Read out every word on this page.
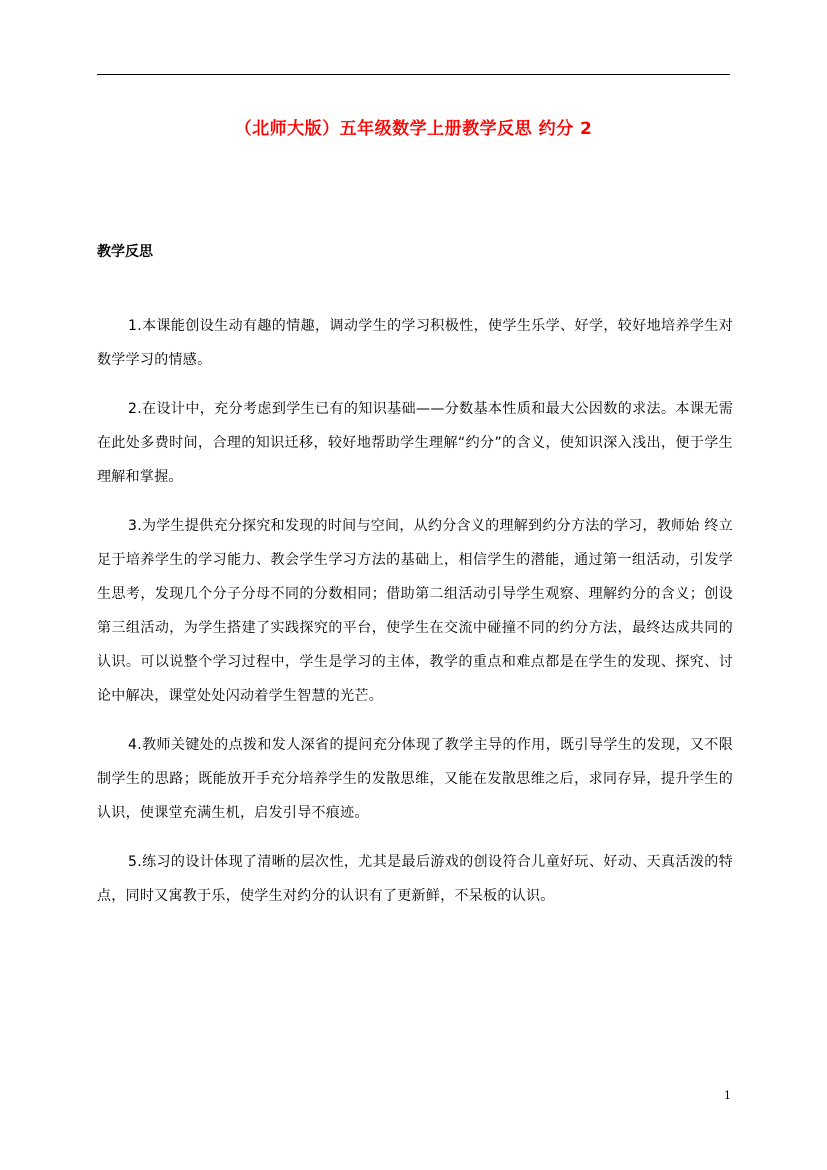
（北师大版）五年级数学上册教学反思 约分 2
教学反思

1.本课能创设生动有趣的情趣，调动学生的学习积极性，使学生乐学、好学，较好地培养学生对数学学习的情感。

2.在设计中，充分考虑到学生已有的知识基础——分数基本性质和最大公因数的求法。本课无需在此处多费时间，合理的知识迁移，较好地帮助学生理解“约分”的含义，使知识深入浅出，便于学生理解和掌握。

3.为学生提供充分探究和发现的时间与空间，从约分含义的理解到约分方法的学习，教师始 终立足于培养学生的学习能力、教会学生学习方法的基础上，相信学生的潜能，通过第一组活动，引发学生思考，发现几个分子分母不同的分数相同；借助第二组活动引导学生观察、理解约分的含义；创设第三组活动，为学生搭建了实践探究的平台，使学生在交流中碰撞不同的约分方法，最终达成共同的认识。可以说整个学习过程中，学生是学习的主体，教学的重点和难点都是在学生的发现、探究、讨论中解决，课堂处处闪动着学生智慧的光芒。

4.教师关键处的点拨和发人深省的提问充分体现了教学主导的作用，既引导学生的发现，又不限制学生的思路；既能放开手充分培养学生的发散思维，又能在发散思维之后，求同存异，提升学生的认识，使课堂充满生机，启发引导不痕迹。

5.练习的设计体现了清晰的层次性，尤其是最后游戏的创设符合儿童好玩、好动、天真活泼的特点，同时又寓教于乐，使学生对约分的认识有了更新鲜，不呆板的认识。

1
